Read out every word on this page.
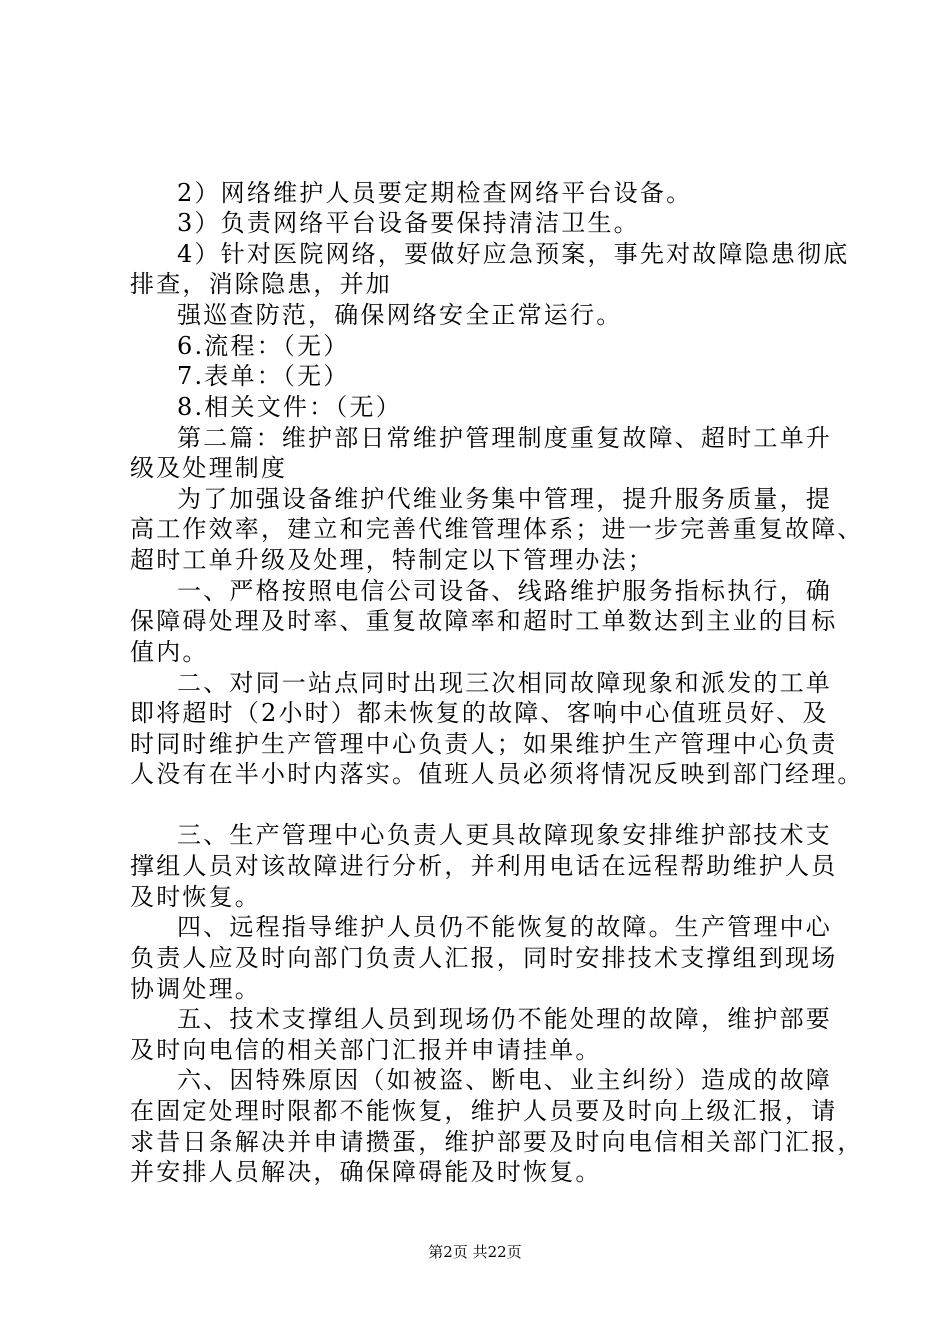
2）网络维护人员要定期检查网络平台设备。
3）负责网络平台设备要保持清洁卫生。
4）针对医院网络，要做好应急预案，事先对故障隐患彻底
排查，消除隐患，并加
强巡查防范，确保网络安全正常运行。
6.流程：（无）
7.表单：（无）
8.相关文件：（无）
第二篇：维护部日常维护管理制度重复故障、超时工单升
级及处理制度
为了加强设备维护代维业务集中管理，提升服务质量，提
高工作效率，建立和完善代维管理体系；进一步完善重复故障、
超时工单升级及处理，特制定以下管理办法；
一、严格按照电信公司设备、线路维护服务指标执行，确
保障碍处理及时率、重复故障率和超时工单数达到主业的目标
值内。
二、对同一站点同时出现三次相同故障现象和派发的工单
即将超时（2小时）都未恢复的故障、客响中心值班员好、及
时同时维护生产管理中心负责人；如果维护生产管理中心负责
人没有在半小时内落实。值班人员必须将情况反映到部门经理。
三、生产管理中心负责人更具故障现象安排维护部技术支
撑组人员对该故障进行分析，并利用电话在远程帮助维护人员
及时恢复。
四、远程指导维护人员仍不能恢复的故障。生产管理中心
负责人应及时向部门负责人汇报，同时安排技术支撑组到现场
协调处理。
五、技术支撑组人员到现场仍不能处理的故障，维护部要
及时向电信的相关部门汇报并申请挂单。
六、因特殊原因（如被盗、断电、业主纠纷）造成的故障
在固定处理时限都不能恢复，维护人员要及时向上级汇报，请
求昔日条解决并申请攒蛋，维护部要及时向电信相关部门汇报，
并安排人员解决，确保障碍能及时恢复。
第2页 共22页
